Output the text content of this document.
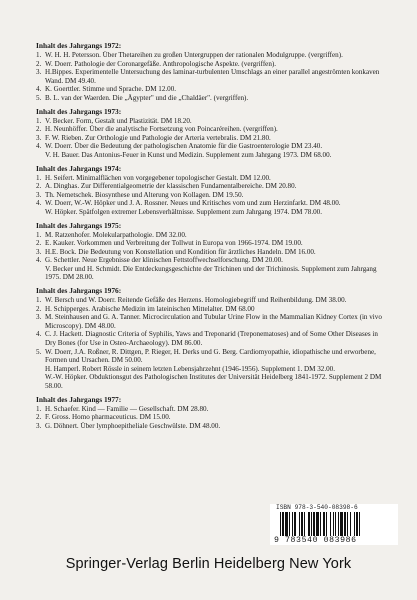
Inhalt des Jahrgangs 1972:
1. W. H. H. Petersson. Über Thetareihen zu großen Untergruppen der rationalen Modulgruppe. (vergriffen).
2. W. Doerr. Pathologie der Coronargefäße. Anthropologische Aspekte. (vergriffen).
3. H.Bippes. Experimentelle Untersuchung des laminar-turbulenten Umschlags an einer parallel angeströmten konkaven Wand. DM 49.40.
4. K. Goerttler. Stimme und Sprache. DM 12.00.
5. B. L. van der Waerden. Die „Ägypter" und die „Chaldäer". (vergriffen).
Inhalt des Jahrgangs 1973:
1. V. Becker. Form, Gestalt und Plastizität. DM 18.20.
2. H. Neunhöffer. Über die analytische Fortsetzung von Poincaréreihen. (vergriffen).
3. F. W. Rieben. Zur Orthologie und Pathologie der Arteria vertebralis. DM 21.80.
4. W. Doerr. Über die Bedeutung der pathologischen Anatomie für die Gastroenterologie DM 23.40.
V. H. Bauer. Das Antonius-Feuer in Kunst und Medizin. Supplement zum Jahrgang 1973. DM 68.00.
Inhalt des Jahrgangs 1974:
1. H. Seifert. Minimalflächen von vorgegebener topologischer Gestalt. DM 12.00.
2. A. Dinghas. Zur Differentialgeometrie der klassischen Fundamentalbereiche. DM 20.80.
3. Th. Nemetschek. Biosynthese und Alterung von Kollagen. DM 19.50.
4. W. Doerr, W.-W. Höpker und J. A. Rossner. Neues und Kritisches vom und zum Herzinfarkt. DM 48.00.
W. Höpker. Spätfolgen extremer Lebensverhältnisse. Supplement zum Jahrgang 1974. DM 78.00.
Inhalt des Jahrgangs 1975:
1. M. Ratzenhofer. Molekularpathologie. DM 32.00.
2. E. Kauker. Vorkommen und Verbreitung der Tollwut in Europa von 1966-1974. DM 19.00.
3. H.E. Bock. Die Bedeutung von Konstellation und Kondition für ärztliches Handeln. DM 16.00.
4. G. Schettler. Neue Ergebnisse der klinischen Fettstoffwechselforschung. DM 20.00.
V. Becker und H. Schmidt. Die Entdeckungsgeschichte der Trichinen und der Trichinosis. Supplement zum Jahrgang 1975. DM 28.00.
Inhalt des Jahrgangs 1976:
1. W. Bersch und W. Doerr. Reitende Gefäße des Herzens. Homologiebegriff und Reihenbildung. DM 38.00.
2. H. Schipperges. Arabische Medizin im lateinischen Mittelalter. DM 68.00
3. M. Steinhausen and G. A. Tanner. Microcirculation and Tubular Urine Flow in the Mammalian Kidney Cortex (in vivo Microscopy). DM 48.00.
4. C. J. Hackett. Diagnostic Criteria of Syphilis, Yaws and Treponarid (Treponematoses) and of Some Other Diseases in Dry Bones (for Use in Osteo-Archaeology). DM 86.00.
5. W. Doerr, J.A. Roßner, R. Dittgen, P. Rieger, H. Derks und G. Berg. Cardiomyopathie, idiopathische und erworbene, Formen und Ursachen. DM 50.00.
H. Hamperl. Robert Rössle in seinem letzten Lebensjahrzehnt (1946-1956). Supplement 1. DM 32.00.
W.-W. Höpker. Obduktionsgut des Pathologischen Institutes der Universität Heidelberg 1841-1972. Supplement 2 DM 58.00.
Inhalt des Jahrgangs 1977:
1. H. Schaefer. Kind — Familie — Gesellschaft. DM 28.80.
2. F. Gross. Homo pharmaceuticus. DM 15.00.
3. G. Döhnert. Über lymphoepitheliale Geschwülste. DM 48.00.
ISBN 978-3-540-08398-6
9 783540 083986
Springer-Verlag Berlin Heidelberg New York
